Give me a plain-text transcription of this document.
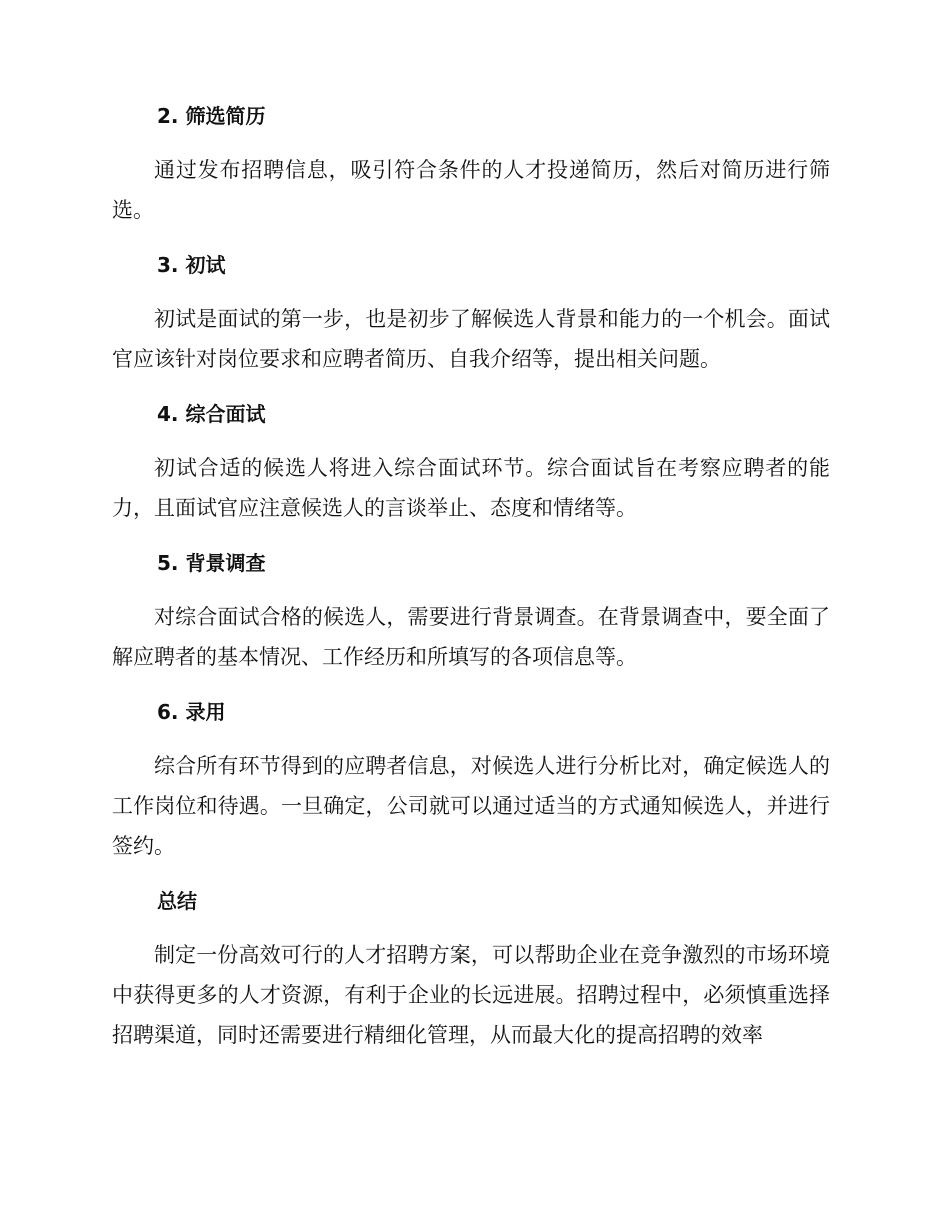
2. 筛选简历

通过发布招聘信息，吸引符合条件的人才投递简历，然后对简历进行筛选。

3. 初试

初试是面试的第一步，也是初步了解候选人背景和能力的一个机会。面试官应该针对岗位要求和应聘者简历、自我介绍等，提出相关问题。

4. 综合面试

初试合适的候选人将进入综合面试环节。综合面试旨在考察应聘者的能力，且面试官应注意候选人的言谈举止、态度和情绪等。

5. 背景调查

对综合面试合格的候选人，需要进行背景调查。在背景调查中，要全面了解应聘者的基本情况、工作经历和所填写的各项信息等。

6. 录用

综合所有环节得到的应聘者信息，对候选人进行分析比对，确定候选人的工作岗位和待遇。一旦确定，公司就可以通过适当的方式通知候选人，并进行签约。

总结

制定一份高效可行的人才招聘方案，可以帮助企业在竞争激烈的市场环境中获得更多的人才资源，有利于企业的长远进展。招聘过程中，必须慎重选择招聘渠道，同时还需要进行精细化管理，从而最大化的提高招聘的效率
